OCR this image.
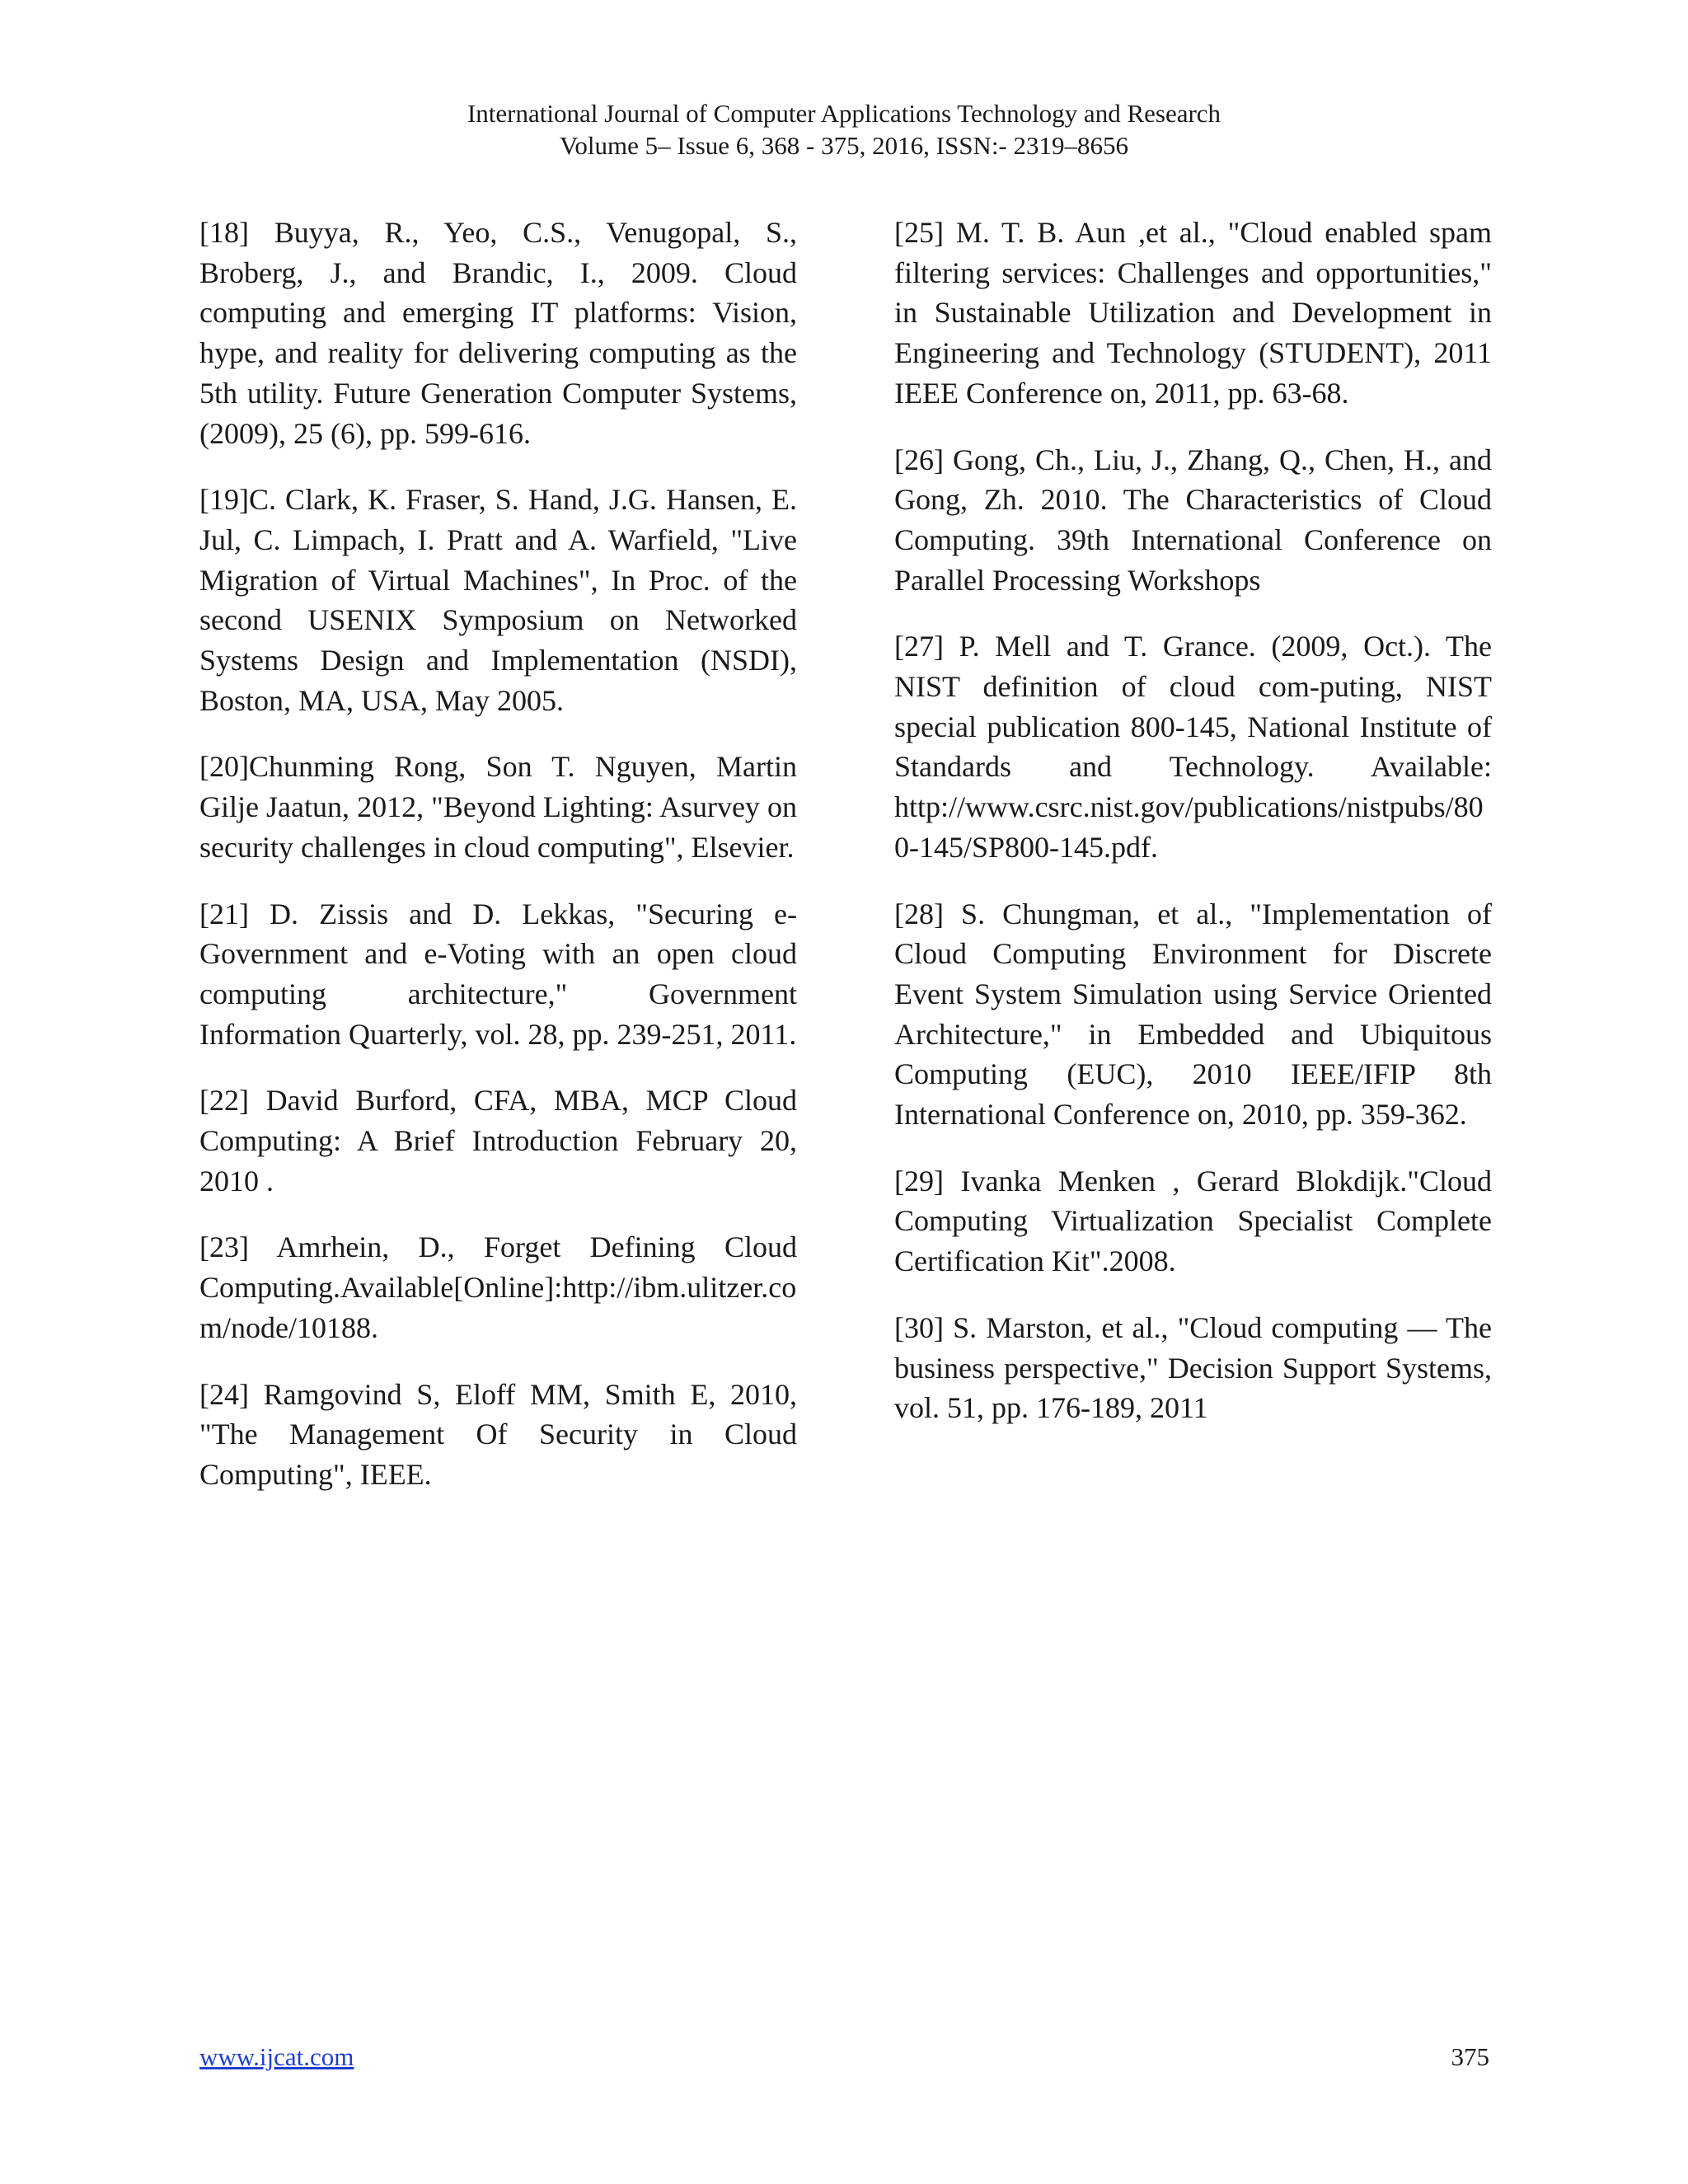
International Journal of Computer Applications Technology and Research
Volume 5– Issue 6, 368 - 375, 2016, ISSN:- 2319–8656

[18] Buyya, R., Yeo, C.S., Venugopal, S., Broberg, J., and Brandic, I., 2009. Cloud computing and emerging IT platforms: Vision, hype, and reality for delivering computing as the 5th utility. Future Generation Computer Systems, (2009), 25 (6), pp. 599-616.

[19]C. Clark, K. Fraser, S. Hand, J.G. Hansen, E. Jul, C. Limpach, I. Pratt and A. Warfield, "Live Migration of Virtual Machines", In Proc. of the second USENIX Symposium on Networked Systems Design and Implementation (NSDI), Boston, MA, USA, May 2005.

[20]Chunming Rong, Son T. Nguyen, Martin Gilje Jaatun, 2012, "Beyond Lighting: Asurvey on security challenges in cloud computing", Elsevier.

[21] D. Zissis and D. Lekkas, "Securing e-Government and e-Voting with an open cloud computing architecture," Government Information Quarterly, vol. 28, pp. 239-251, 2011.

[22] David Burford, CFA, MBA, MCP Cloud Computing: A Brief Introduction February 20, 2010 .

[23] Amrhein, D., Forget Defining Cloud Computing.Available[Online]:http://ibm.ulitzer.com/node/10188.

[24] Ramgovind S, Eloff MM, Smith E, 2010, "The Management Of Security in Cloud Computing", IEEE.

[25] M. T. B. Aun ,et al., "Cloud enabled spam filtering services: Challenges and opportunities," in Sustainable Utilization and Development in Engineering and Technology (STUDENT), 2011 IEEE Conference on, 2011, pp. 63-68.

[26] Gong, Ch., Liu, J., Zhang, Q., Chen, H., and Gong, Zh. 2010. The Characteristics of Cloud Computing. 39th International Conference on Parallel Processing Workshops

[27] P. Mell and T. Grance. (2009, Oct.). The NIST definition of cloud com-puting, NIST special publication 800-145, National Institute of Standards and Technology. Available: http://www.csrc.nist.gov/publications/nistpubs/800-145/SP800-145.pdf.

[28] S. Chungman, et al., "Implementation of Cloud Computing Environment for Discrete Event System Simulation using Service Oriented Architecture," in Embedded and Ubiquitous Computing (EUC), 2010 IEEE/IFIP 8th International Conference on, 2010, pp. 359-362.

[29] Ivanka Menken , Gerard Blokdijk."Cloud Computing Virtualization Specialist Complete Certification Kit".2008.

[30] S. Marston, et al., "Cloud computing — The business perspective," Decision Support Systems, vol. 51, pp. 176-189, 2011

www.ijcat.com	375
